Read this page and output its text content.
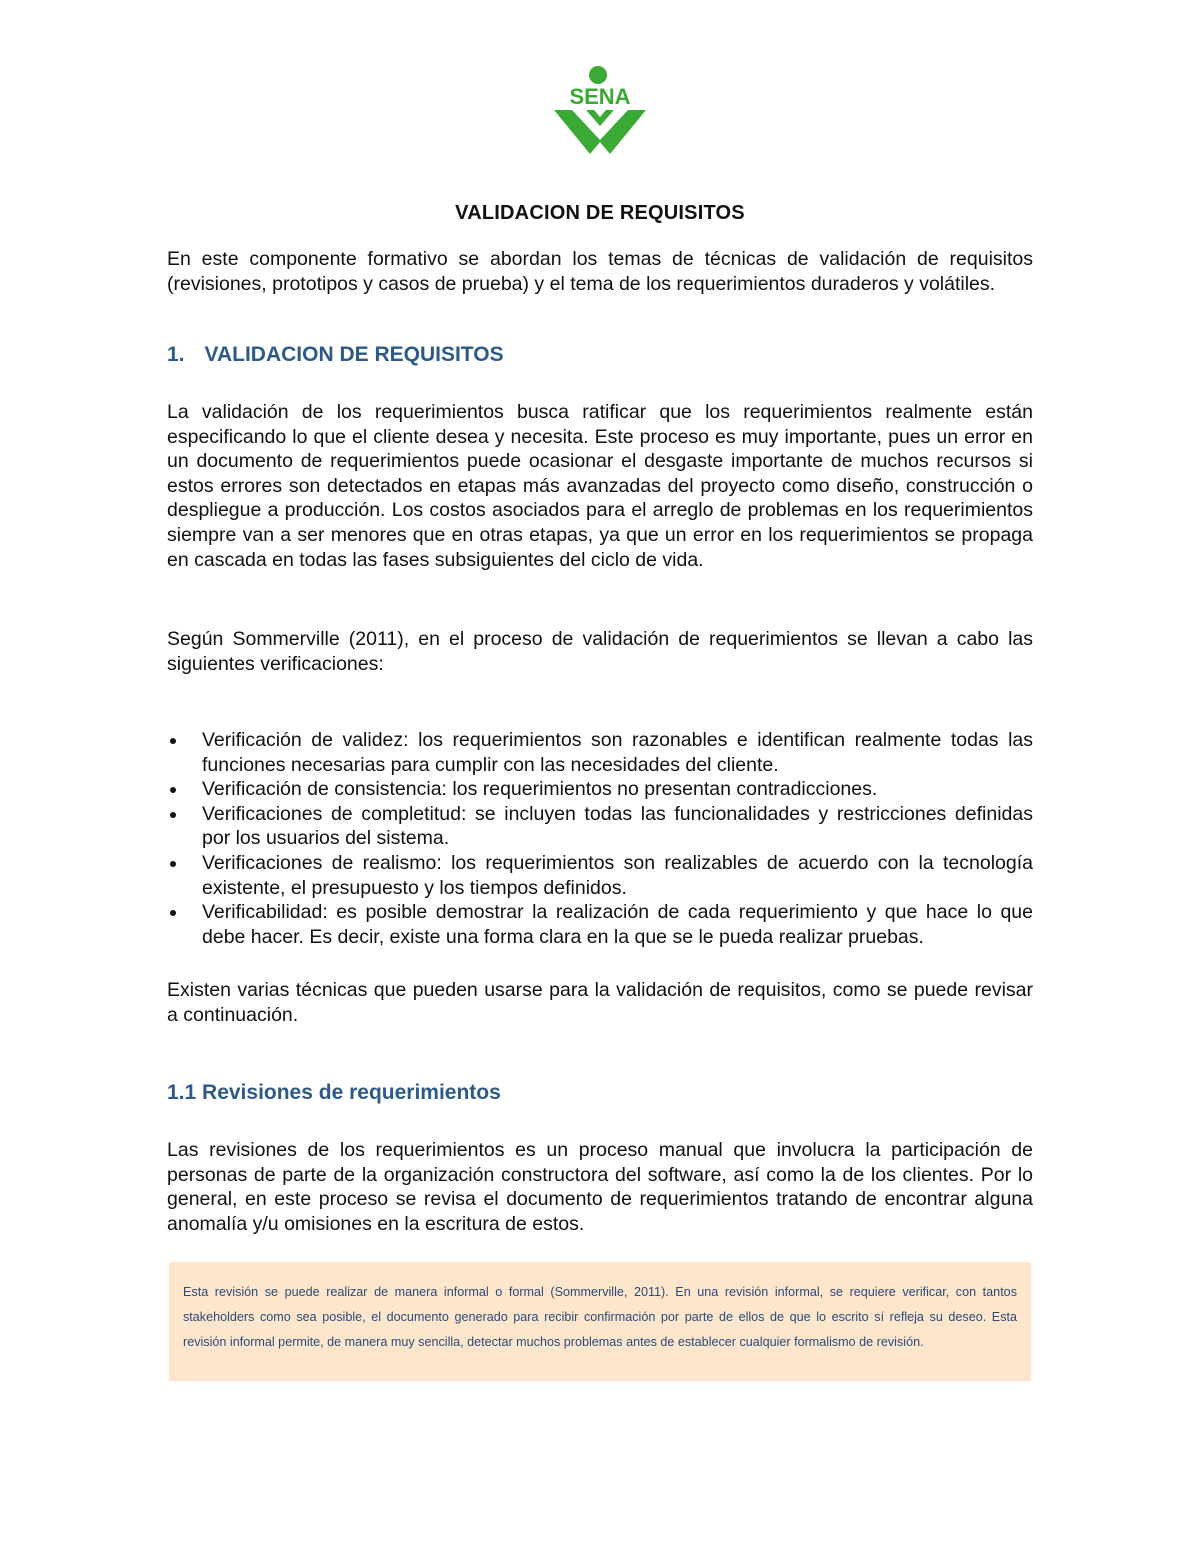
SENA
VALIDACION DE REQUISITOS

En este componente formativo se abordan los temas de técnicas de validación de requisitos (revisiones, prototipos y casos de prueba) y el tema de los requerimientos duraderos y volátiles.

1. VALIDACION DE REQUISITOS

La validación de los requerimientos busca ratificar que los requerimientos realmente están especificando lo que el cliente desea y necesita. Este proceso es muy importante, pues un error en un documento de requerimientos puede ocasionar el desgaste importante de muchos recursos si estos errores son detectados en etapas más avanzadas del proyecto como diseño, construcción o despliegue a producción. Los costos asociados para el arreglo de problemas en los requerimientos siempre van a ser menores que en otras etapas, ya que un error en los requerimientos se propaga en cascada en todas las fases subsiguientes del ciclo de vida.

Según Sommerville (2011), en el proceso de validación de requerimientos se llevan a cabo las siguientes verificaciones:

Verificación de validez: los requerimientos son razonables e identifican realmente todas las funciones necesarias para cumplir con las necesidades del cliente.
Verificación de consistencia: los requerimientos no presentan contradicciones.
Verificaciones de completitud: se incluyen todas las funcionalidades y restricciones definidas por los usuarios del sistema.
Verificaciones de realismo: los requerimientos son realizables de acuerdo con la tecnología existente, el presupuesto y los tiempos definidos.
Verificabilidad: es posible demostrar la realización de cada requerimiento y que hace lo que debe hacer. Es decir, existe una forma clara en la que se le pueda realizar pruebas.

Existen varias técnicas que pueden usarse para la validación de requisitos, como se puede revisar a continuación.

1.1 Revisiones de requerimientos

Las revisiones de los requerimientos es un proceso manual que involucra la participación de personas de parte de la organización constructora del software, así como la de los clientes. Por lo general, en este proceso se revisa el documento de requerimientos tratando de encontrar alguna anomalía y/u omisiones en la escritura de estos.

Esta revisión se puede realizar de manera informal o formal (Sommerville, 2011). En una revisión informal, se requiere verificar, con tantos stakeholders como sea posible, el documento generado para recibir confirmación por parte de ellos de que lo escrito sí refleja su deseo. Esta revisión informal permite, de manera muy sencilla, detectar muchos problemas antes de establecer cualquier formalismo de revisión.
